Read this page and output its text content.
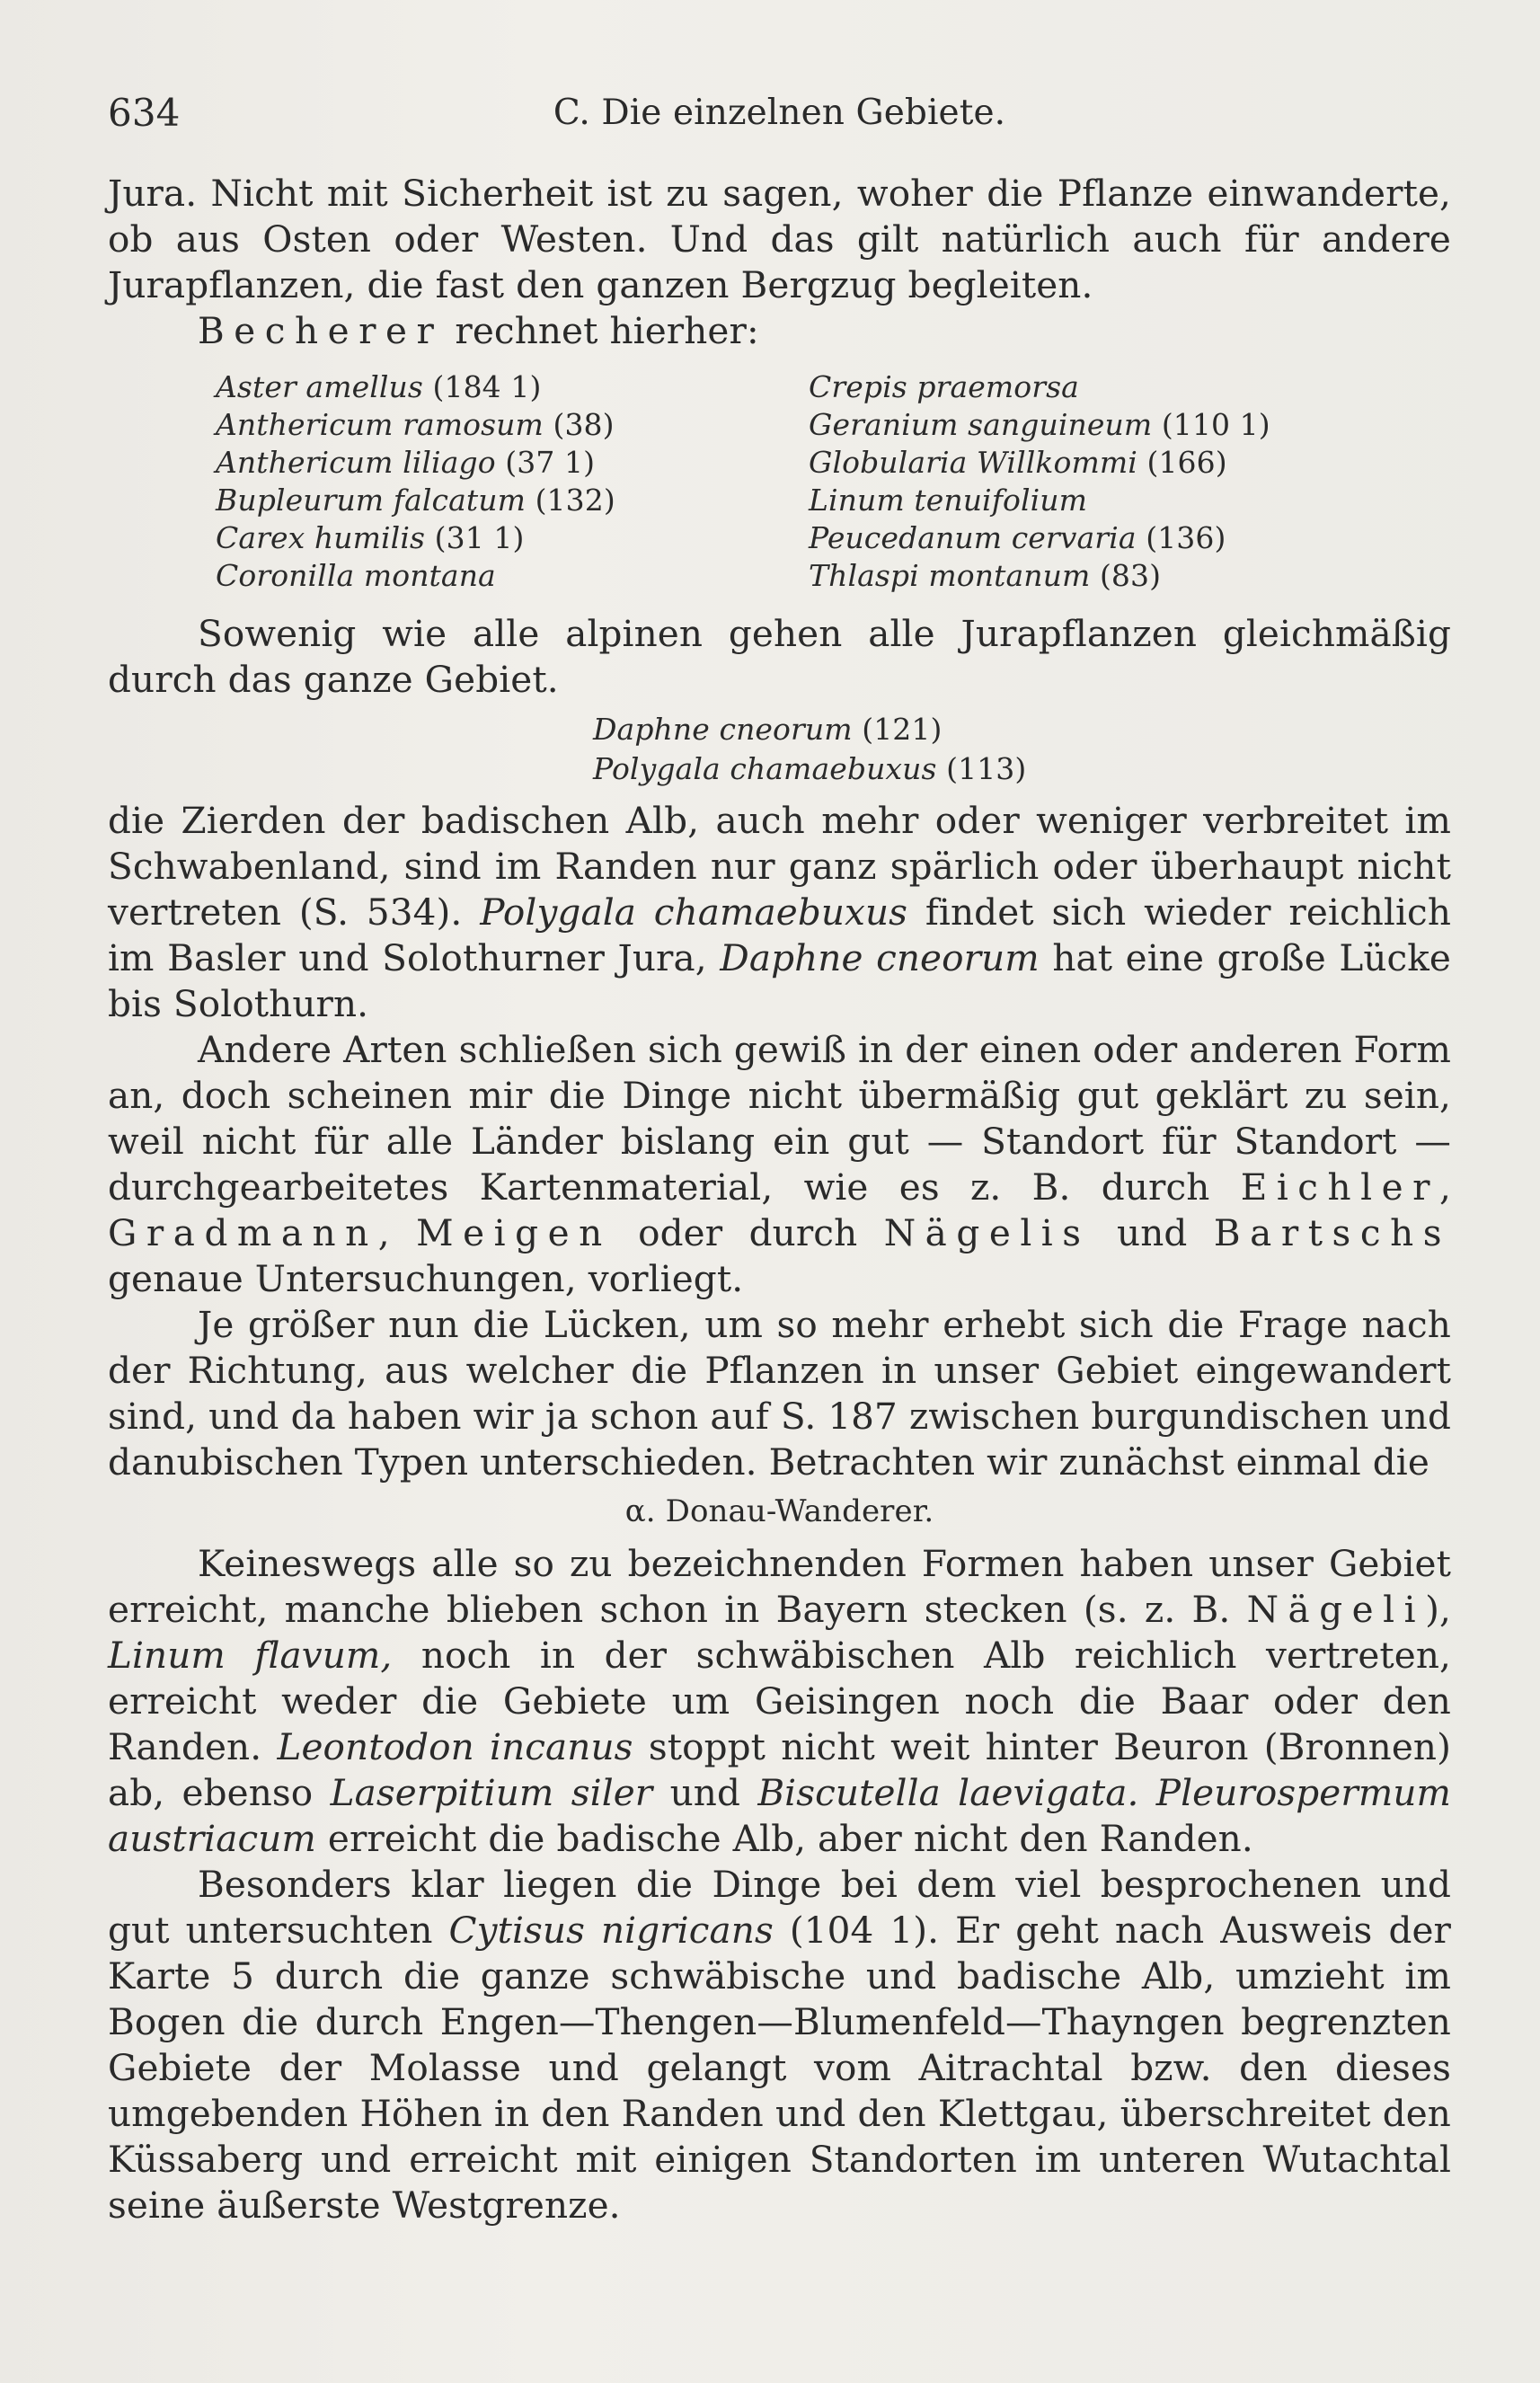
634	C. Die einzelnen Gebiete.

Jura. Nicht mit Sicherheit ist zu sagen, woher die Pflanze einwanderte, ob aus Osten oder Westen. Und das gilt natürlich auch für andere Jurapflanzen, die fast den ganzen Bergzug begleiten.

Becherer rechnet hierher:

Aster amellus (184 1)
Anthericum ramosum (38)
Anthericum liliago (37 1)
Bupleurum falcatum (132)
Carex humilis (31 1)
Coronilla montana
Crepis praemorsa
Geranium sanguineum (110 1)
Globularia Willkommi (166)
Linum tenuifolium
Peucedanum cervaria (136)
Thlaspi montanum (83)

Sowenig wie alle alpinen gehen alle Jurapflanzen gleichmäßig durch das ganze Gebiet.

Daphne cneorum (121)
Polygala chamaebuxus (113)

die Zierden der badischen Alb, auch mehr oder weniger verbreitet im Schwabenland, sind im Randen nur ganz spärlich oder überhaupt nicht vertreten (S. 534). Polygala chamaebuxus findet sich wieder reichlich im Basler und Solothurner Jura, Daphne cneorum hat eine große Lücke bis Solothurn.

Andere Arten schließen sich gewiß in der einen oder anderen Form an, doch scheinen mir die Dinge nicht übermäßig gut geklärt zu sein, weil nicht für alle Länder bislang ein gut — Standort für Standort — durchgearbeitetes Kartenmaterial, wie es z. B. durch Eichler, Gradmann, Meigen oder durch Nägelis und Bartschs genaue Untersuchungen, vorliegt.

Je größer nun die Lücken, um so mehr erhebt sich die Frage nach der Richtung, aus welcher die Pflanzen in unser Gebiet eingewandert sind, und da haben wir ja schon auf S. 187 zwischen burgundischen und danubischen Typen unterschieden. Betrachten wir zunächst einmal die

α. Donau-Wanderer.

Keineswegs alle so zu bezeichnenden Formen haben unser Gebiet erreicht, manche blieben schon in Bayern stecken (s. z. B. Nägeli), Linum flavum, noch in der schwäbischen Alb reichlich vertreten, erreicht weder die Gebiete um Geisingen noch die Baar oder den Randen. Leontodon incanus stoppt nicht weit hinter Beuron (Bronnen) ab, ebenso Laserpitium siler und Biscutella laevigata. Pleurospermum austriacum erreicht die badische Alb, aber nicht den Randen.

Besonders klar liegen die Dinge bei dem viel besprochenen und gut untersuchten Cytisus nigricans (104 1). Er geht nach Ausweis der Karte 5 durch die ganze schwäbische und badische Alb, umzieht im Bogen die durch Engen—Thengen—Blumenfeld—Thayngen begrenzten Gebiete der Molasse und gelangt vom Aitrachtal bzw. den dieses umgebenden Höhen in den Randen und den Klettgau, überschreitet den Küssaberg und erreicht mit einigen Standorten im unteren Wutachtal seine äußerste Westgrenze.
